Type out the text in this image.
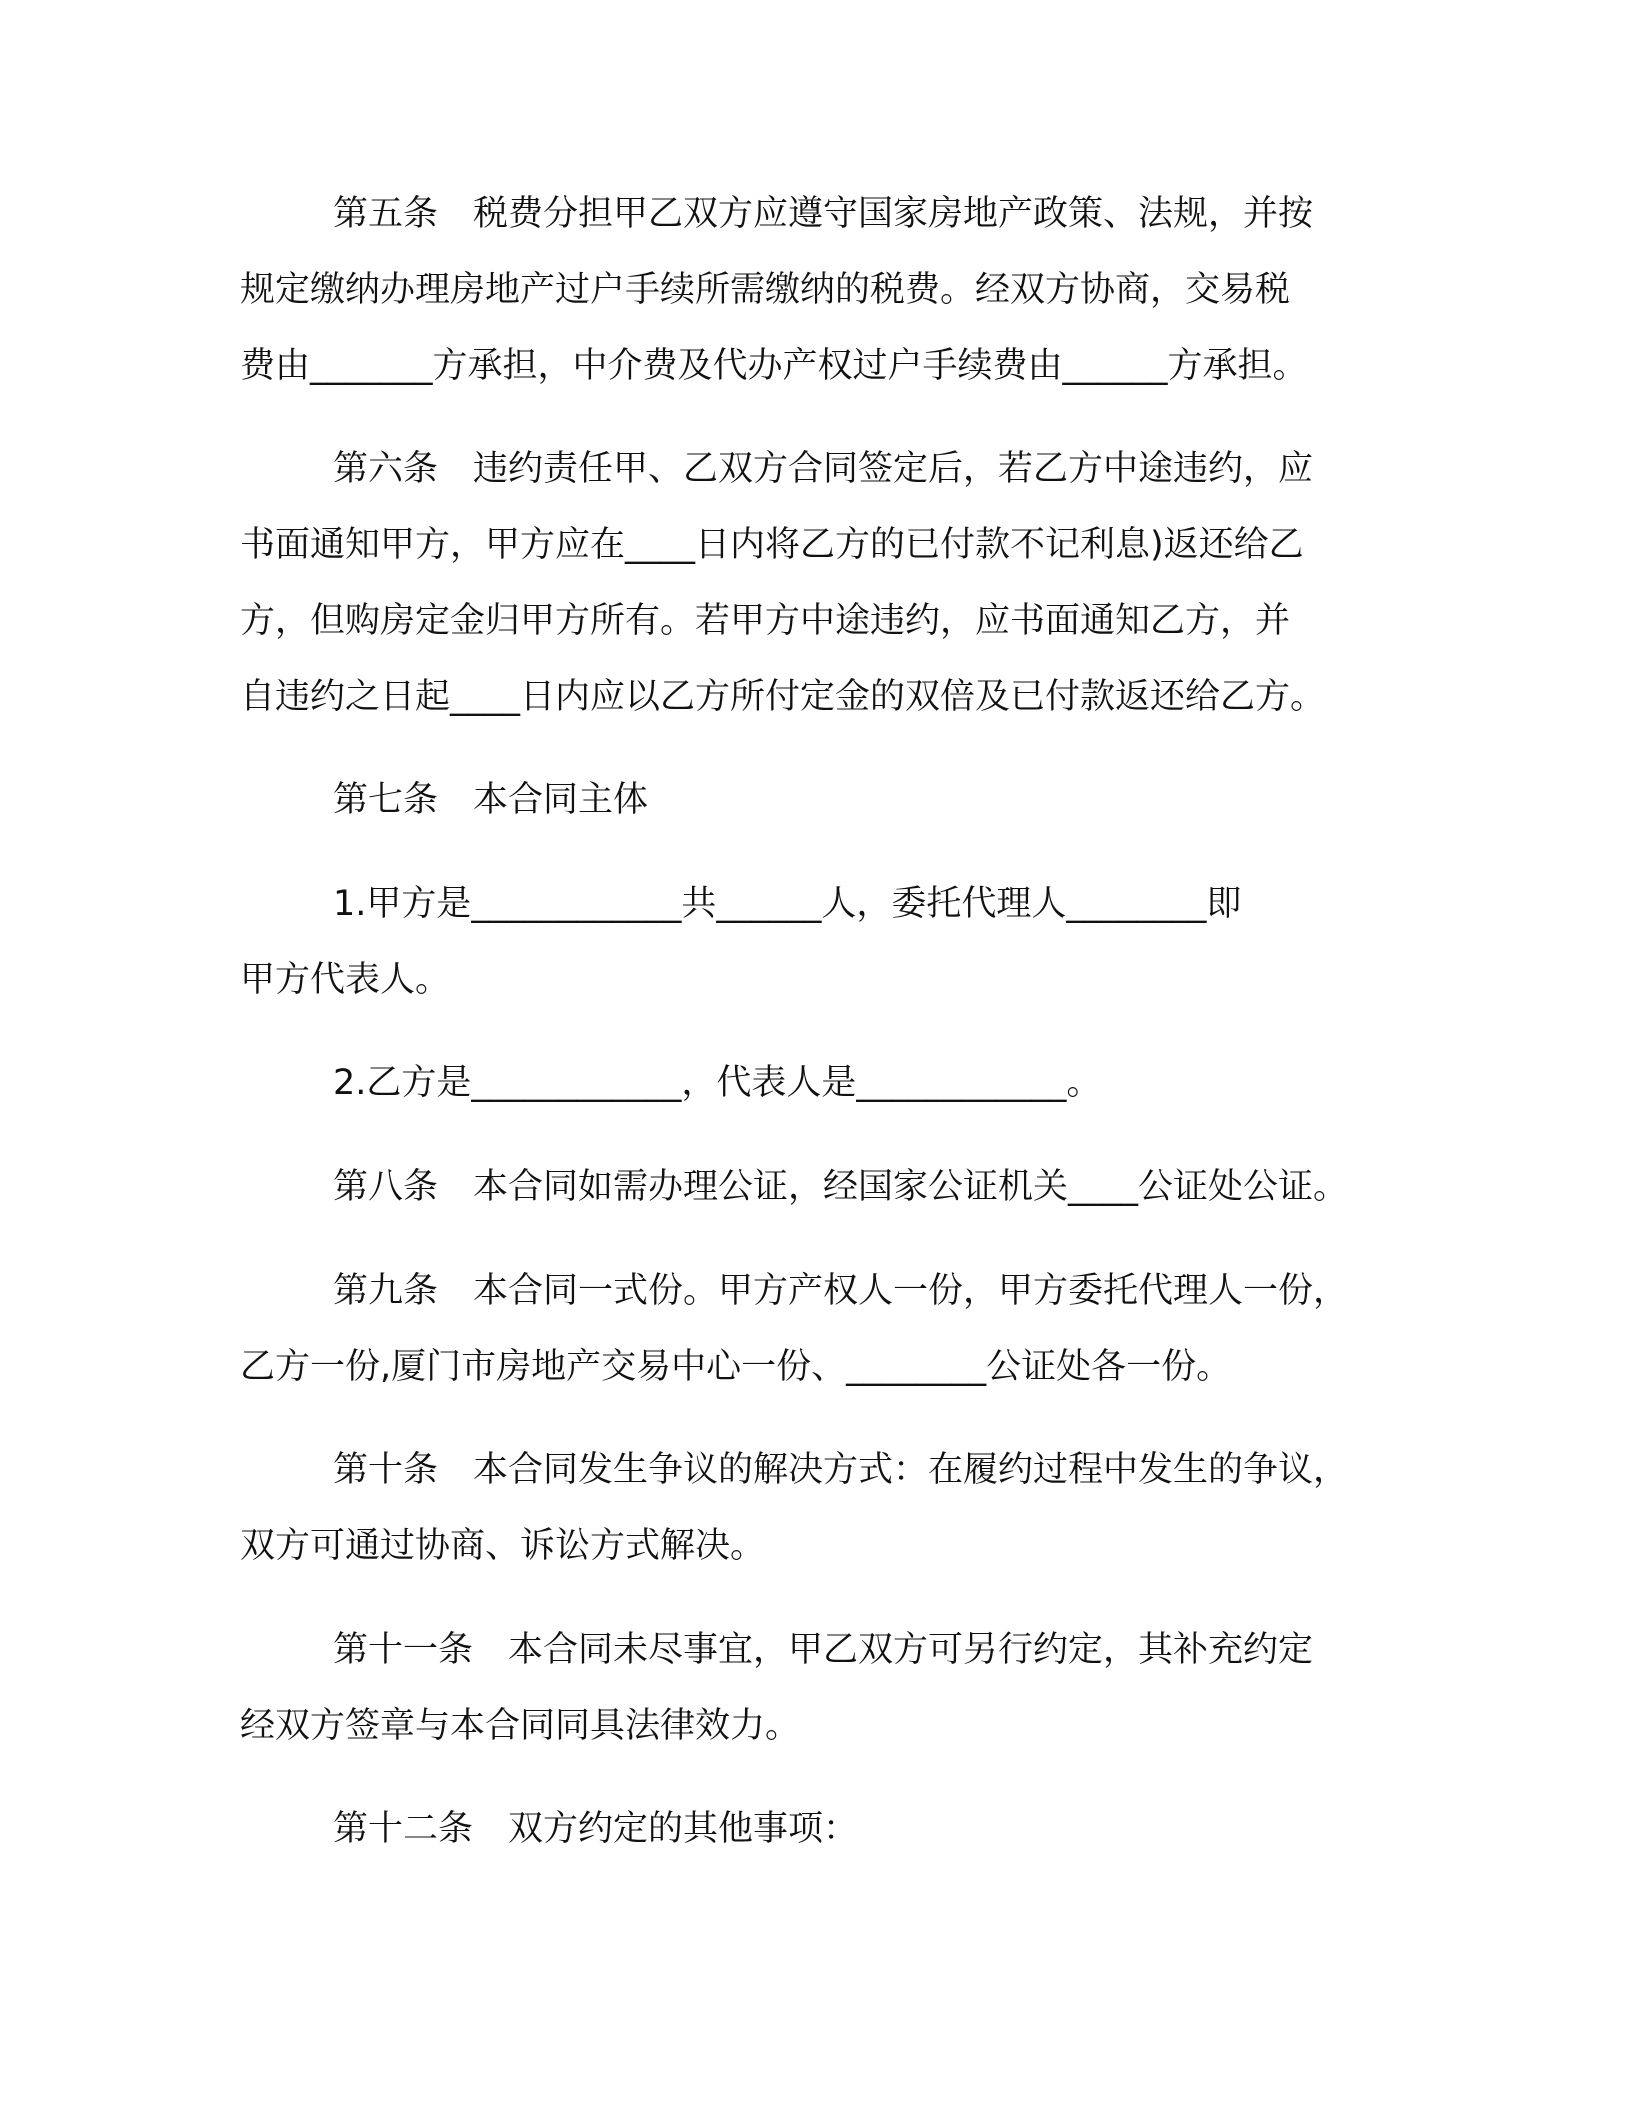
第五条　税费分担甲乙双方应遵守国家房地产政策、法规，并按
规定缴纳办理房地产过户手续所需缴纳的税费。经双方协商，交易税
费由_______方承担，中介费及代办产权过户手续费由______方承担。
第六条　违约责任甲、乙双方合同签定后，若乙方中途违约，应
书面通知甲方，甲方应在____日内将乙方的已付款不记利息)返还给乙
方，但购房定金归甲方所有。若甲方中途违约，应书面通知乙方，并
自违约之日起____日内应以乙方所付定金的双倍及已付款返还给乙方。
第七条　本合同主体
1.甲方是____________共______人，委托代理人________即
甲方代表人。
2.乙方是____________，代表人是____________。
第八条　本合同如需办理公证，经国家公证机关____公证处公证。
第九条　本合同一式份。甲方产权人一份，甲方委托代理人一份，
乙方一份,厦门市房地产交易中心一份、________公证处各一份。
第十条　本合同发生争议的解决方式：在履约过程中发生的争议，
双方可通过协商、诉讼方式解决。
第十一条　本合同未尽事宜，甲乙双方可另行约定，其补充约定
经双方签章与本合同同具法律效力。
第十二条　双方约定的其他事项：
